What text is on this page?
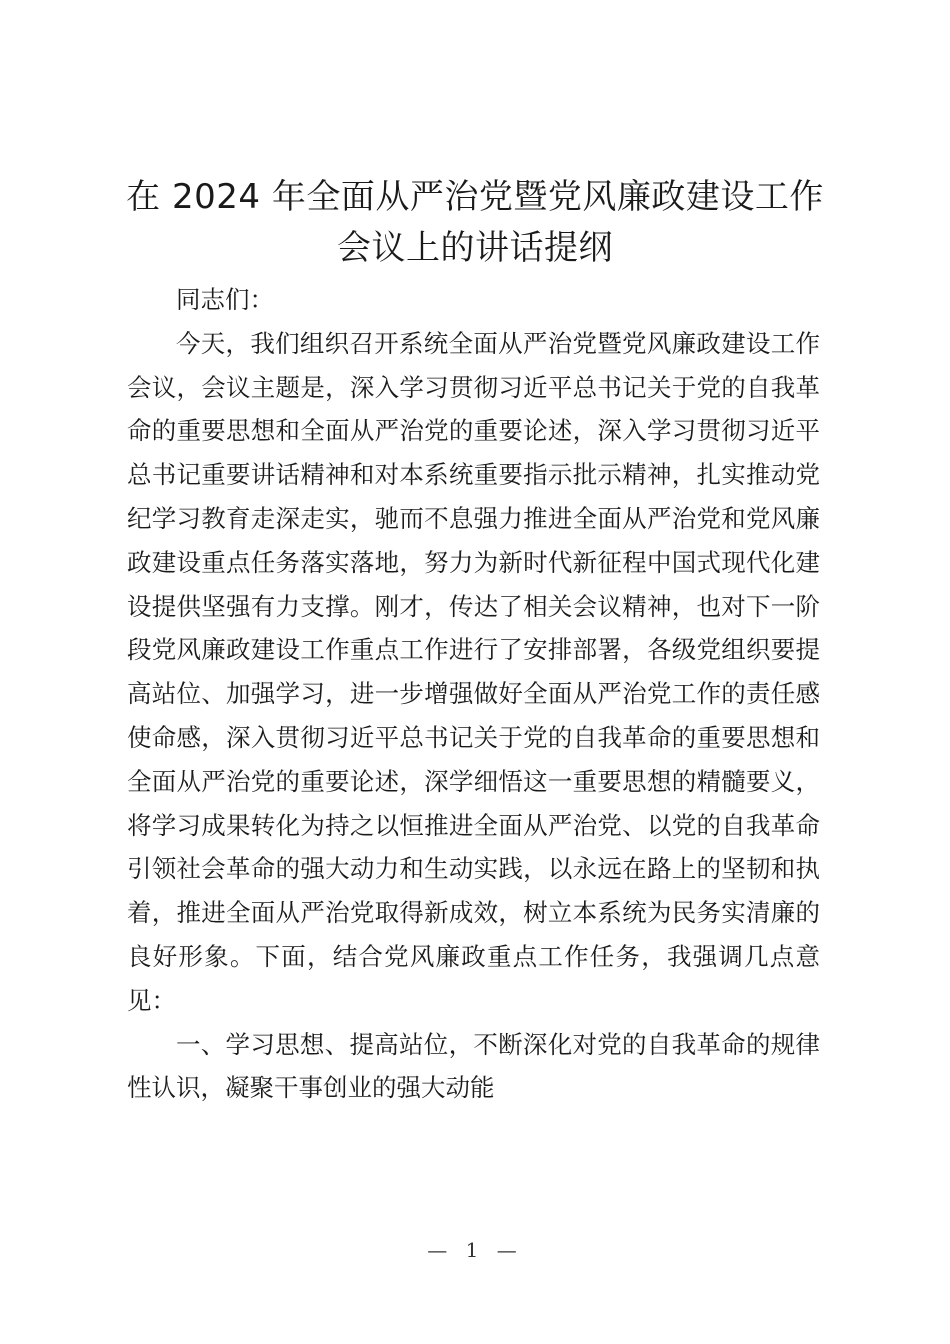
在 2024 年全面从严治党暨党风廉政建设工作会议上的讲话提纲

同志们：

今天，我们组织召开系统全面从严治党暨党风廉政建设工作会议，会议主题是，深入学习贯彻习近平总书记关于党的自我革命的重要思想和全面从严治党的重要论述，深入学习贯彻习近平总书记重要讲话精神和对本系统重要指示批示精神，扎实推动党纪学习教育走深走实，驰而不息强力推进全面从严治党和党风廉政建设重点任务落实落地，努力为新时代新征程中国式现代化建设提供坚强有力支撑。刚才，传达了相关会议精神，也对下一阶段党风廉政建设工作重点工作进行了安排部署，各级党组织要提高站位、加强学习，进一步增强做好全面从严治党工作的责任感使命感，深入贯彻习近平总书记关于党的自我革命的重要思想和全面从严治党的重要论述，深学细悟这一重要思想的精髓要义，将学习成果转化为持之以恒推进全面从严治党、以党的自我革命引领社会革命的强大动力和生动实践，以永远在路上的坚韧和执着，推进全面从严治党取得新成效，树立本系统为民务实清廉的良好形象。下面，结合党风廉政重点工作任务，我强调几点意见：

一、学习思想、提高站位，不断深化对党的自我革命的规律性认识，凝聚干事创业的强大动能

— 1 —
